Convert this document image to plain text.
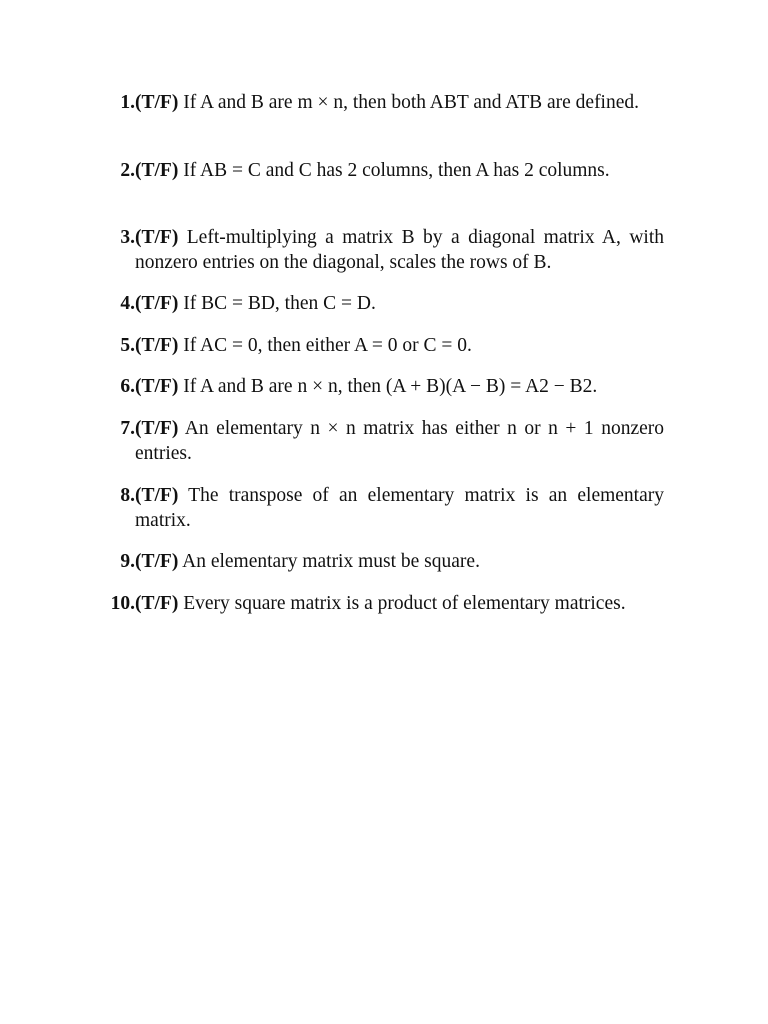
1. (T/F) If A and B are m × n, then both ABT and ATB are defined.
2. (T/F) If AB = C and C has 2 columns, then A has 2 columns.
3. (T/F) Left-multiplying a matrix B by a diagonal matrix A, with nonzero entries on the diagonal, scales the rows of B.
4. (T/F) If BC = BD, then C = D.
5. (T/F) If AC = 0, then either A = 0 or C = 0.
6. (T/F) If A and B are n × n, then (A + B)(A − B) = A2 − B2.
7. (T/F) An elementary n × n matrix has either n or n + 1 nonzero entries.
8. (T/F) The transpose of an elementary matrix is an elementary matrix.
9. (T/F) An elementary matrix must be square.
10. (T/F) Every square matrix is a product of elementary matrices.
